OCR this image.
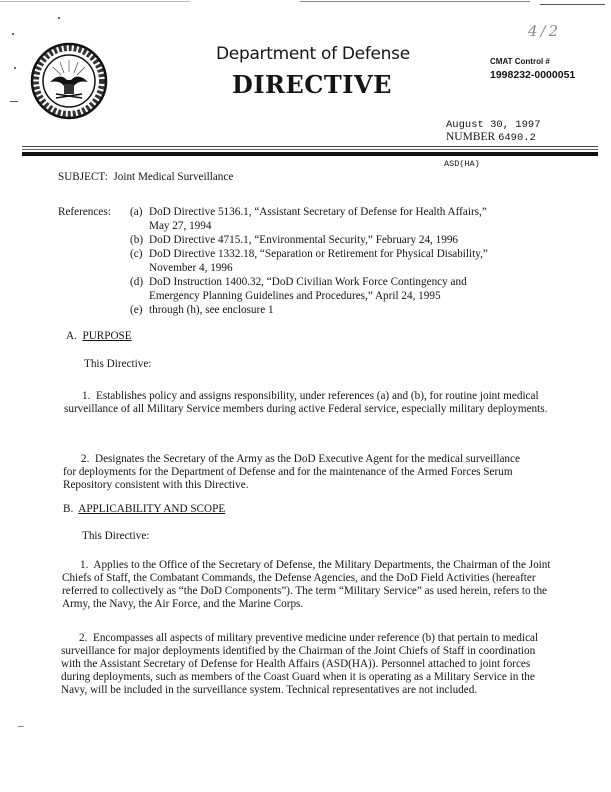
Department of Defense
DIRECTIVE
4/2
CMAT Control #
1998232-0000051
August 30, 1997
NUMBER 6490.2
ASD(HA)
SUBJECT: Joint Medical Surveillance
References: (a) DoD Directive 5136.1, “Assistant Secretary of Defense for Health Affairs,”
May 27, 1994
(b) DoD Directive 4715.1, “Environmental Security,” February 24, 1996
(c) DoD Directive 1332.18, “Separation or Retirement for Physical Disability,”
November 4, 1996
(d) DoD Instruction 1400.32, “DoD Civilian Work Force Contingency and
Emergency Planning Guidelines and Procedures,” April 24, 1995
(e) through (h), see enclosure 1
A. PURPOSE
This Directive:
1. Establishes policy and assigns responsibility, under references (a) and (b), for routine joint medical surveillance of all Military Service members during active Federal service, especially military deployments.
2. Designates the Secretary of the Army as the DoD Executive Agent for the medical surveillance for deployments for the Department of Defense and for the maintenance of the Armed Forces Serum Repository consistent with this Directive.
B. APPLICABILITY AND SCOPE
This Directive:
1. Applies to the Office of the Secretary of Defense, the Military Departments, the Chairman of the Joint Chiefs of Staff, the Combatant Commands, the Defense Agencies, and the DoD Field Activities (hereafter referred to collectively as “the DoD Components”). The term “Military Service” as used herein, refers to the Army, the Navy, the Air Force, and the Marine Corps.
2. Encompasses all aspects of military preventive medicine under reference (b) that pertain to medical surveillance for major deployments identified by the Chairman of the Joint Chiefs of Staff in coordination with the Assistant Secretary of Defense for Health Affairs (ASD(HA)). Personnel attached to joint forces during deployments, such as members of the Coast Guard when it is operating as a Military Service in the Navy, will be included in the surveillance system. Technical representatives are not included.
